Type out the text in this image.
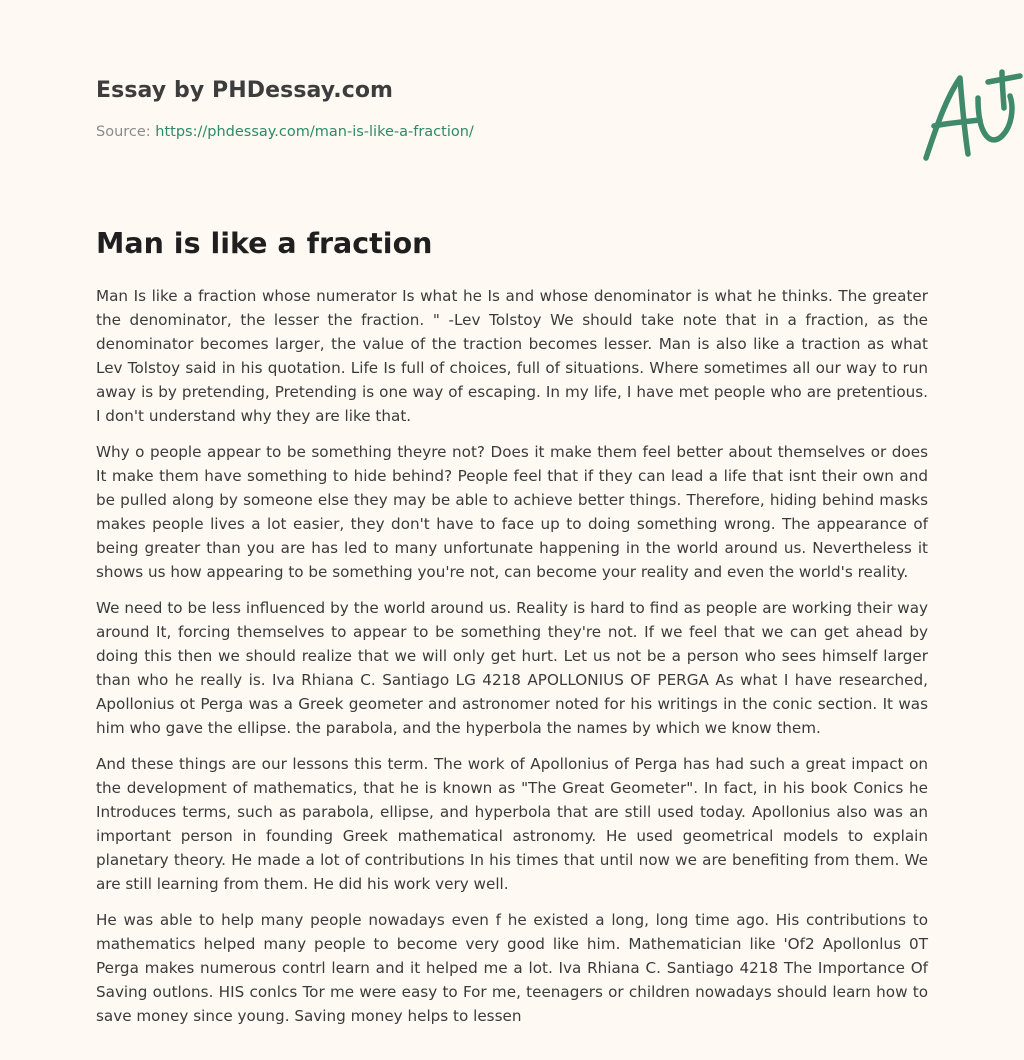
Essay by PHDessay.com
Source: https://phdessay.com/man-is-like-a-fraction/
Man is like a fraction

Man Is like a fraction whose numerator Is what he Is and whose denominator is what he thinks. The greater the denominator, the lesser the fraction. " -Lev Tolstoy We should take note that in a fraction, as the denominator becomes larger, the value of the traction becomes lesser. Man is also like a traction as what Lev Tolstoy said in his quotation. Life Is full of choices, full of situations. Where sometimes all our way to run away is by pretending, Pretending is one way of escaping. In my life, I have met people who are pretentious. I don't understand why they are like that.

Why o people appear to be something theyre not? Does it make them feel better about themselves or does It make them have something to hide behind? People feel that if they can lead a life that isnt their own and be pulled along by someone else they may be able to achieve better things. Therefore, hiding behind masks makes people lives a lot easier, they don't have to face up to doing something wrong. The appearance of being greater than you are has led to many unfortunate happening in the world around us. Nevertheless it shows us how appearing to be something you're not, can become your reality and even the world's reality.

We need to be less influenced by the world around us. Reality is hard to find as people are working their way around It, forcing themselves to appear to be something they're not. If we feel that we can get ahead by doing this then we should realize that we will only get hurt. Let us not be a person who sees himself larger than who he really is. Iva Rhiana C. Santiago LG 4218 APOLLONIUS OF PERGA As what I have researched, Apollonius ot Perga was a Greek geometer and astronomer noted for his writings in the conic section. It was him who gave the ellipse. the parabola, and the hyperbola the names by which we know them.

And these things are our lessons this term. The work of Apollonius of Perga has had such a great impact on the development of mathematics, that he is known as "The Great Geometer". In fact, in his book Conics he Introduces terms, such as parabola, ellipse, and hyperbola that are still used today. Apollonius also was an important person in founding Greek mathematical astronomy. He used geometrical models to explain planetary theory. He made a lot of contributions In his times that until now we are benefiting from them. We are still learning from them. He did his work very well.

He was able to help many people nowadays even f he existed a long, long time ago. His contributions to mathematics helped many people to become very good like him. Mathematician like 'Of2 Apollonlus 0T Perga makes numerous contrl learn and it helped me a lot. Iva Rhiana C. Santiago 4218 The Importance Of Saving outlons. HIS conlcs Tor me were easy to For me, teenagers or children nowadays should learn how to save money since young. Saving money helps to lessen
